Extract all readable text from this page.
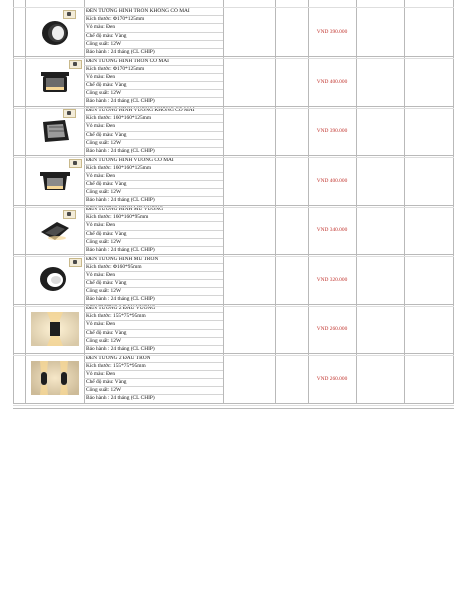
ĐÈN TƯỜNG HÌNH TRÒN KHÔNG CÓ MAI
Kích thước: Φ170*125mm
Vỏ màu: Đen
Chế độ màu: Vàng
Công suất: 12W
Bảo hành : 24 tháng (CL CHIP)
VND 390.000
ĐÈN TƯỜNG HÌNH TRÒN CÓ MAI
Kích thước: Φ170*125mm
Vỏ màu: Đen
Chế độ màu: Vàng
Công suất: 12W
Bảo hành : 24 tháng (CL CHIP)
VND 400.000
ĐÈN TƯỜNG HÌNH VUÔNG KHÔNG CÓ MAI
Kích thước: 160*160*125mm
Vỏ màu: Đen
Chế độ màu: Vàng
Công suất: 12W
Bảo hành : 24 tháng (CL CHIP)
VND 390.000
ĐÈN TƯỜNG HÌNH VUÔNG CÓ MAI
Kích thước: 160*160*125mm
Vỏ màu: Đen
Chế độ màu: Vàng
Công suất: 12W
Bảo hành : 24 tháng (CL CHIP)
VND 400.000
ĐÈN TƯỜNG HÌNH MŨ VUÔNG
Kích thước: 160*160*95mm
Vỏ màu: Đen
Chế độ màu: Vàng
Công suất: 12W
Bảo hành : 24 tháng (CL CHIP)
VND 340.000
ĐÈN TƯỜNG HÌNH MŨ TRÒN
Kích thước: Φ160*95mm
Vỏ màu: Đen
Chế độ màu: Vàng
Công suất: 12W
Bảo hành : 24 tháng (CL CHIP)
VND 320.000
ĐÈN TƯỜNG 2 ĐẦU VUÔNG
Kích thước: 155*75*95mm
Vỏ màu: Đen
Chế độ màu: Vàng
Công suất: 12W
Bảo hành : 24 tháng (CL CHIP)
VND 260.000
ĐÈN TƯỜNG 2 ĐẦU TRÒN
Kích thước: 155*75*95mm
Vỏ màu: Đen
Chế độ màu: Vàng
Công suất: 12W
Bảo hành : 24 tháng (CL CHIP)
VND 260.000
